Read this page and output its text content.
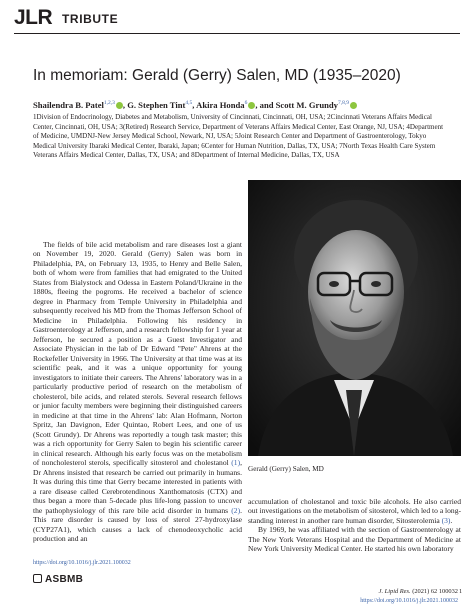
JLR TRIBUTE
In memoriam: Gerald (Gerry) Salen, MD (1935–2020)
Shailendra B. Patel$^{1,2,3}$ , G. Stephen Tint$^{4,5}$, Akira Honda$^6$ , and Scott M. Grundy$^{7,8,9}$
1Division of Endocrinology, Diabetes and Metabolism, University of Cincinnati, Cincinnati, OH, USA; 2Cincinnati Veterans Affairs Medical Center, Cincinnati, OH, USA; 3(Retired) Research Service, Department of Veterans Affairs Medical Center, East Orange, NJ, USA; 4Department of Medicine, UMDNJ-New Jersey Medical School, Newark, NJ, USA; 5Joint Research Center and Department of Gastroenterology, Tokyo Medical University Ibaraki Medical Center, Ibaraki, Japan; 6Center for Human Nutrition, Dallas, TX, USA; 7North Texas Health Care System Veterans Affairs Medical Center, Dallas, TX, USA; and 8Department of Internal Medicine, Dallas, TX, USA

The fields of bile acid metabolism and rare diseases lost a giant on November 19, 2020. Gerald (Gerry) Salen was born in Philadelphia, PA, on February 13, 1935, to Henry and Belle Salen, both of whom were from families that had emigrated to the United States from Bialystock and Odessa in Eastern Poland/Ukraine in the 1880s, fleeing the pogroms. He received a bachelor of science degree in Pharmacy from Temple University in Philadelphia and subsequently received his MD from the Thomas Jefferson School of Medicine in Philadelphia. Following his residency in Gastroenterology at Jefferson, and a research fellowship for 1 year at Jefferson, he secured a position as a Guest Investigator and Associate Physician in the lab of Dr Edward "Pete" Ahrens at the Rockefeller University in 1966. The University at that time was at its scientific peak, and it was a unique opportunity for young investigators to initiate their careers. The Ahrens' laboratory was in a particularly productive period of research on the metabolism of cholesterol, bile acids, and related sterols. Several research fellows or junior faculty members were beginning their distinguished careers in medicine at that time in the Ahrens' lab: Alan Hofmann, Norton Spritz, Jan Davignon, Eder Quintao, Robert Lees, and one of us (Scott Grundy). Dr Ahrens was reportedly a tough task master; this was a rich opportunity for Gerry Salen to begin his scientific career in clinical research. Although his early focus was on the metabolism of noncholesterol sterols, specifically sitosterol and cholestanol (1), Dr Ahrens insisted that research be carried out primarily in humans. It was during this time that Gerry became interested in patients with a rare disease called Cerebrotendinous Xanthomatosis (CTX) and thus began a more than 5-decade plus life-long passion to uncover the pathophysiology of this rare bile acid disorder in humans (2). This rare disorder is caused by loss of sterol 27-hydroxylase (CYP27A1), which causes a lack of chenodeoxycholic acid production and an

Gerald (Gerry) Salen, MD

accumulation of cholestanol and toxic bile alcohols. He also carried out investigations on the metabolism of sitosterol, which led to a long-standing interest in another rare human disorder, Sitosterolemia (3).

By 1969, he was affiliated with the section of Gastroenterology at The New York Veterans Hospital and the Department of Medicine at New York University Medical Center. He started his own laboratory

https://doi.org/10.1016/j.jlr.2021.100032
ASBMB
J. Lipid Res. (2021) 62 100032
https://doi.org/10.1016/j.jlr.2021.100032
1
